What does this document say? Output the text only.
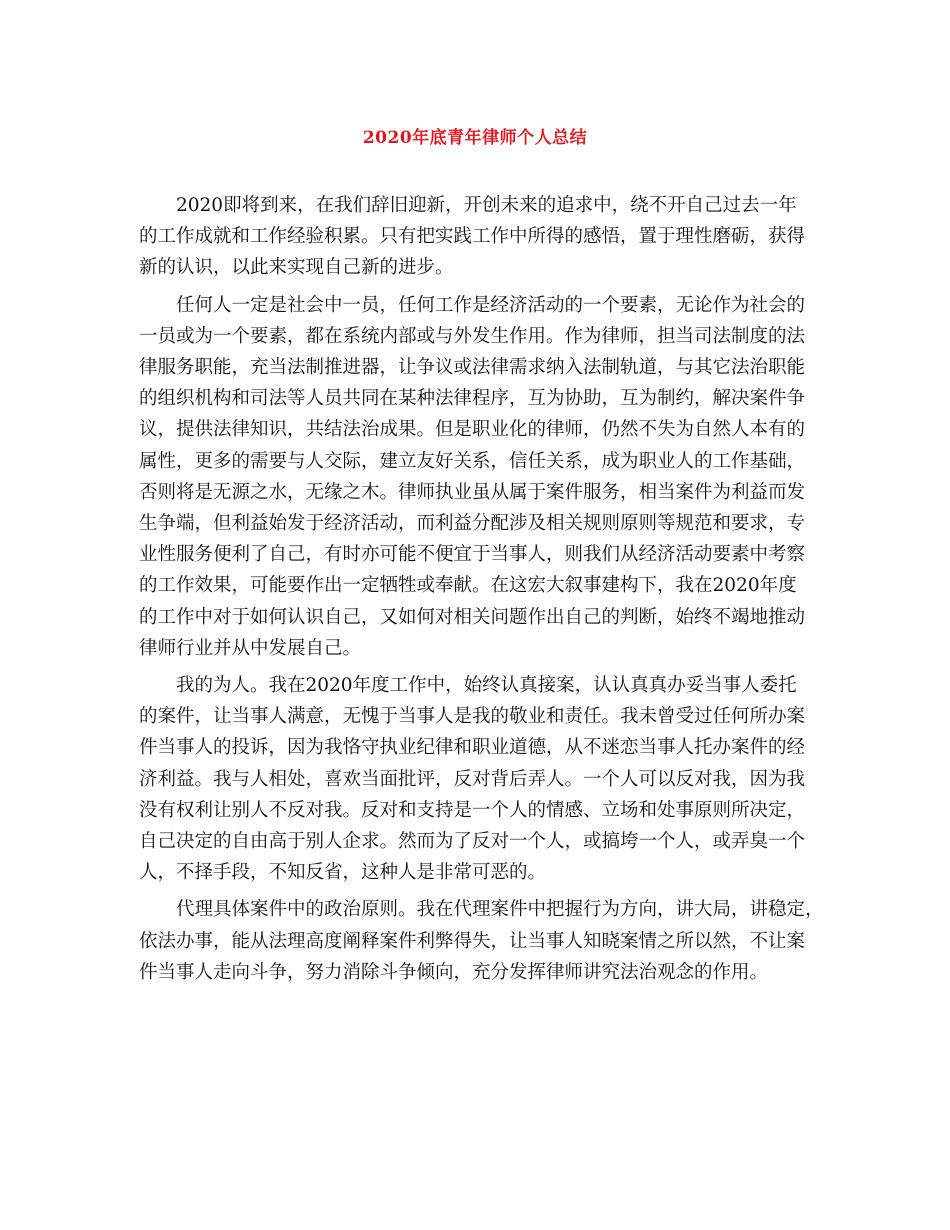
2020年底青年律师个人总结
2020即将到来，在我们辞旧迎新，开创未来的追求中，绕不开自己过去一年
的工作成就和工作经验积累。只有把实践工作中所得的感悟，置于理性磨砺，获得
新的认识，以此来实现自己新的进步。
任何人一定是社会中一员，任何工作是经济活动的一个要素，无论作为社会的
一员或为一个要素，都在系统内部或与外发生作用。作为律师，担当司法制度的法
律服务职能，充当法制推进器，让争议或法律需求纳入法制轨道，与其它法治职能
的组织机构和司法等人员共同在某种法律程序，互为协助，互为制约，解决案件争
议，提供法律知识，共结法治成果。但是职业化的律师，仍然不失为自然人本有的
属性，更多的需要与人交际，建立友好关系，信任关系，成为职业人的工作基础，
否则将是无源之水，无缘之木。律师执业虽从属于案件服务，相当案件为利益而发
生争端，但利益始发于经济活动，而利益分配涉及相关规则原则等规范和要求，专
业性服务便利了自己，有时亦可能不便宜于当事人，则我们从经济活动要素中考察
的工作效果，可能要作出一定牺牲或奉献。在这宏大叙事建构下，我在2020年度
的工作中对于如何认识自己，又如何对相关问题作出自己的判断，始终不竭地推动
律师行业并从中发展自己。
我的为人。我在2020年度工作中，始终认真接案，认认真真办妥当事人委托
的案件，让当事人满意，无愧于当事人是我的敬业和责任。我未曾受过任何所办案
件当事人的投诉，因为我恪守执业纪律和职业道德，从不迷恋当事人托办案件的经
济利益。我与人相处，喜欢当面批评，反对背后弄人。一个人可以反对我，因为我
没有权利让别人不反对我。反对和支持是一个人的情感、立场和处事原则所决定，
自己决定的自由高于别人企求。然而为了反对一个人，或搞垮一个人，或弄臭一个
人，不择手段，不知反省，这种人是非常可恶的。
代理具体案件中的政治原则。我在代理案件中把握行为方向，讲大局，讲稳定，
依法办事，能从法理高度阐释案件利弊得失，让当事人知晓案情之所以然，不让案
件当事人走向斗争，努力消除斗争倾向，充分发挥律师讲究法治观念的作用。
